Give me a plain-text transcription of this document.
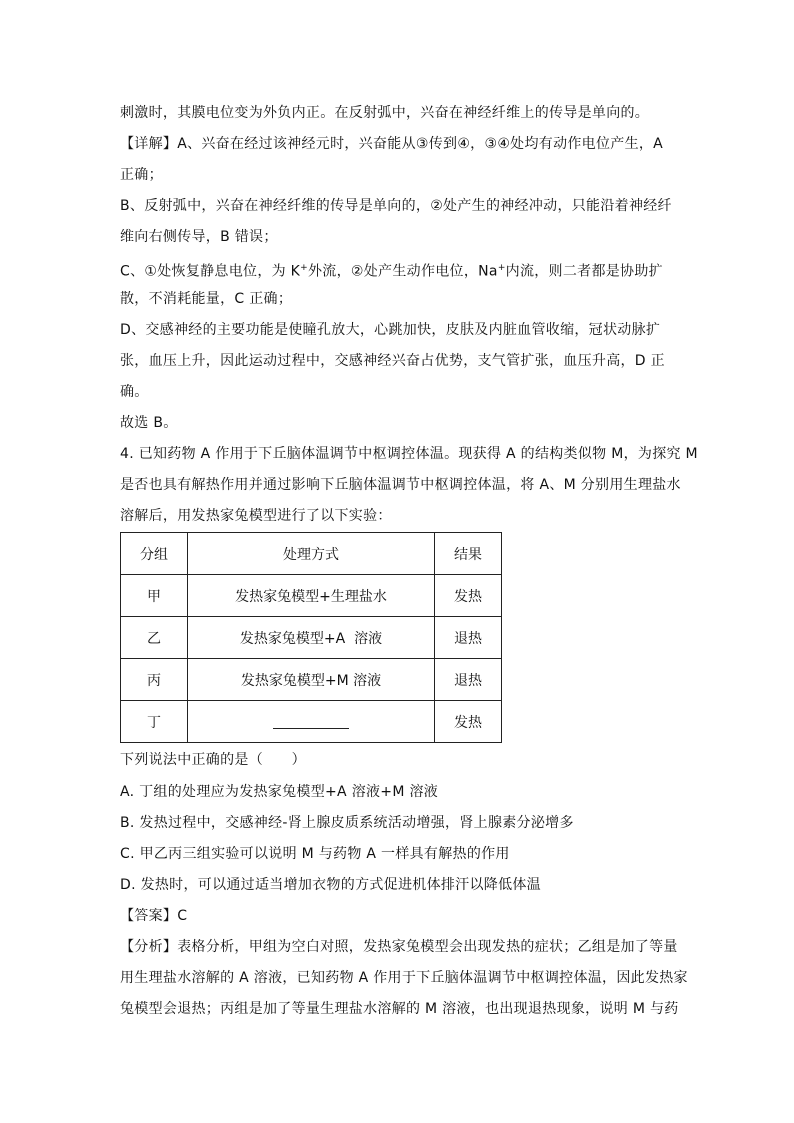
刺激时，其膜电位变为外负内正。在反射弧中，兴奋在神经纤维上的传导是单向的。
【详解】A、兴奋在经过该神经元时，兴奋能从③传到④，③④处均有动作电位产生，A
正确；
B、反射弧中，兴奋在神经纤维的传导是单向的，②处产生的神经冲动，只能沿着神经纤
维向右侧传导，B 错误；
C、①处恢复静息电位，为 K+外流，②处产生动作电位，Na+内流，则二者都是协助扩
散，不消耗能量，C 正确；
D、交感神经的主要功能是使瞳孔放大，心跳加快，皮肤及内脏血管收缩，冠状动脉扩
张，血压上升，因此运动过程中，交感神经兴奋占优势，支气管扩张，血压升高，D 正
确。
故选 B。
4. 已知药物 A 作用于下丘脑体温调节中枢调控体温。现获得 A 的结构类似物 M，为探究 M
是否也具有解热作用并通过影响下丘脑体温调节中枢调控体温，将 A、M 分别用生理盐水
溶解后，用发热家兔模型进行了以下实验：
分组	处理方式	结果
甲	发热家兔模型+生理盐水	发热
乙	发热家兔模型+A  溶液	退热
丙	发热家兔模型+M 溶液	退热
丁		发热
下列说法中正确的是（　　）
A. 丁组的处理应为发热家兔模型+A 溶液+M 溶液
B. 发热过程中，交感神经-肾上腺皮质系统活动增强，肾上腺素分泌增多
C. 甲乙丙三组实验可以说明 M 与药物 A 一样具有解热的作用
D. 发热时，可以通过适当增加衣物的方式促进机体排汗以降低体温
【答案】C
【分析】表格分析，甲组为空白对照，发热家兔模型会出现发热的症状；乙组是加了等量
用生理盐水溶解的 A 溶液，已知药物 A 作用于下丘脑体温调节中枢调控体温，因此发热家
兔模型会退热；丙组是加了等量生理盐水溶解的 M 溶液，也出现退热现象，说明 M 与药
